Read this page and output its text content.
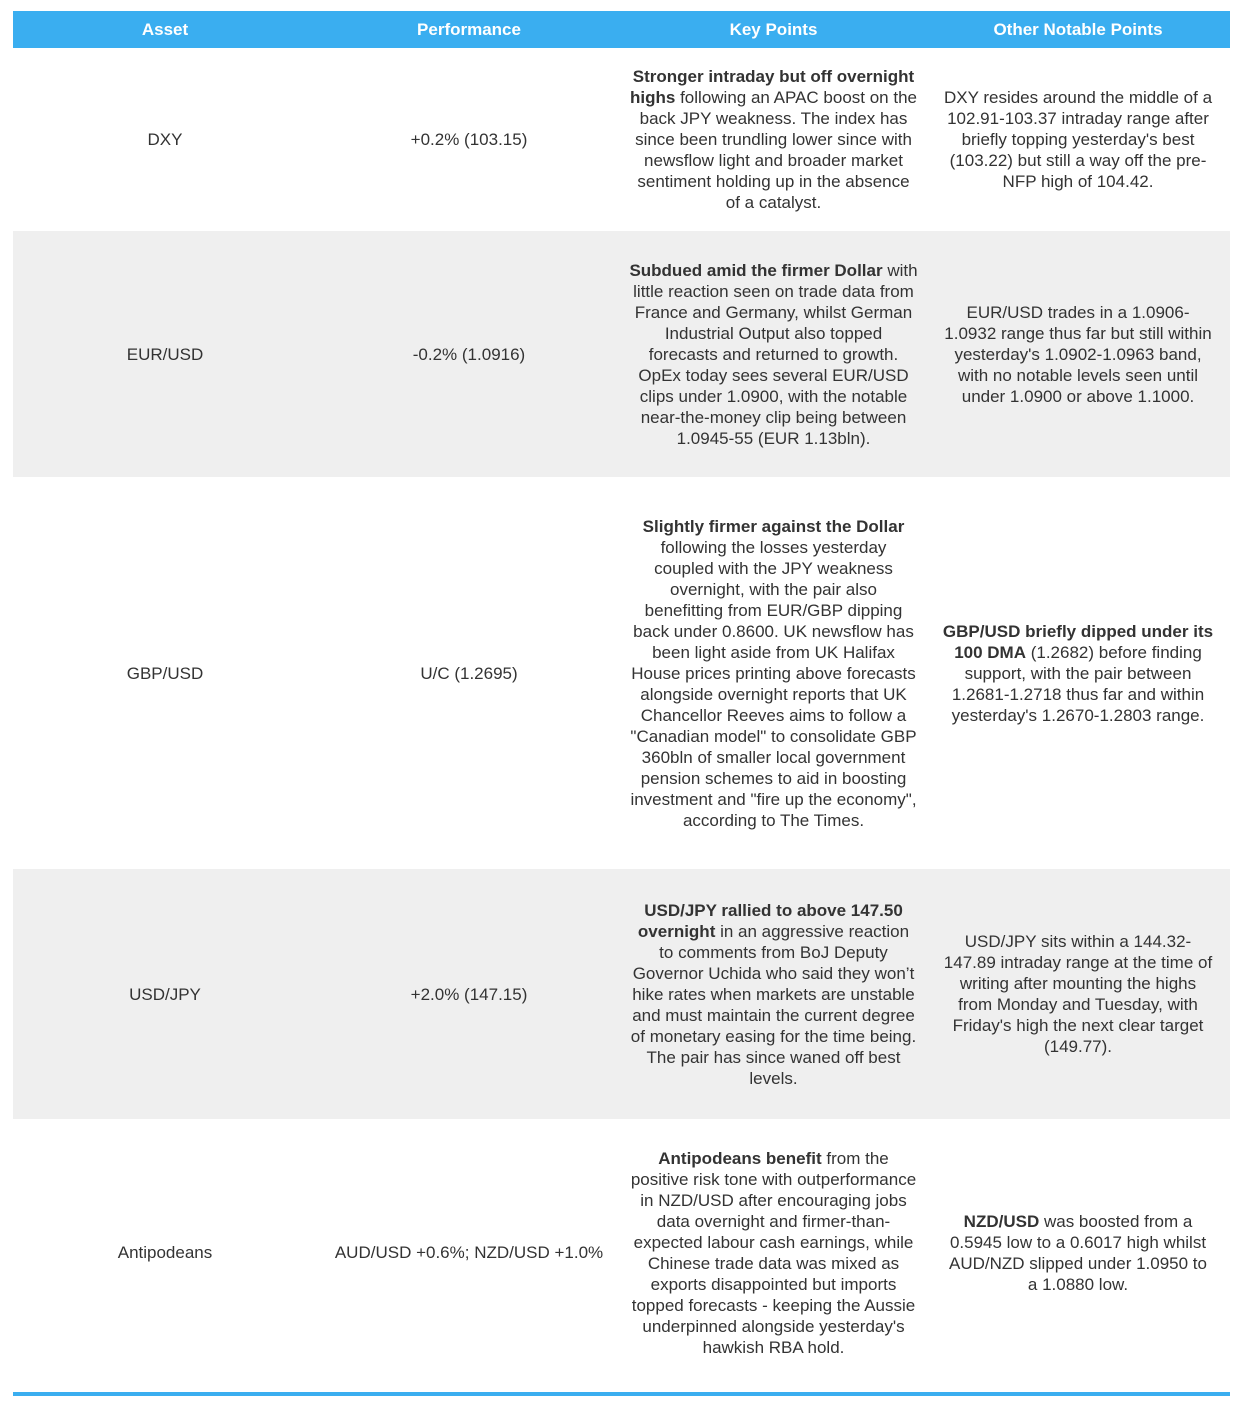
Asset	Performance	Key Points	Other Notable Points
DXY	+0.2% (103.15)	Stronger intraday but off overnight highs following an APAC boost on the back JPY weakness. The index has since been trundling lower since with newsflow light and broader market sentiment holding up in the absence of a catalyst.	DXY resides around the middle of a 102.91-103.37 intraday range after briefly topping yesterday's best (103.22) but still a way off the pre-NFP high of 104.42.
EUR/USD	-0.2% (1.0916)	Subdued amid the firmer Dollar with little reaction seen on trade data from France and Germany, whilst German Industrial Output also topped forecasts and returned to growth. OpEx today sees several EUR/USD clips under 1.0900, with the notable near-the-money clip being between 1.0945-55 (EUR 1.13bln).	EUR/USD trades in a 1.0906-1.0932 range thus far but still within yesterday's 1.0902-1.0963 band, with no notable levels seen until under 1.0900 or above 1.1000.
GBP/USD	U/C (1.2695)	Slightly firmer against the Dollar following the losses yesterday coupled with the JPY weakness overnight, with the pair also benefitting from EUR/GBP dipping back under 0.8600. UK newsflow has been light aside from UK Halifax House prices printing above forecasts alongside overnight reports that UK Chancellor Reeves aims to follow a "Canadian model" to consolidate GBP 360bln of smaller local government pension schemes to aid in boosting investment and "fire up the economy", according to The Times.	GBP/USD briefly dipped under its 100 DMA (1.2682) before finding support, with the pair between 1.2681-1.2718 thus far and within yesterday's 1.2670-1.2803 range.
USD/JPY	+2.0% (147.15)	USD/JPY rallied to above 147.50 overnight in an aggressive reaction to comments from BoJ Deputy Governor Uchida who said they won’t hike rates when markets are unstable and must maintain the current degree of monetary easing for the time being. The pair has since waned off best levels.	USD/JPY sits within a 144.32-147.89 intraday range at the time of writing after mounting the highs from Monday and Tuesday, with Friday's high the next clear target (149.77).
Antipodeans	AUD/USD +0.6%; NZD/USD +1.0%	Antipodeans benefit from the positive risk tone with outperformance in NZD/USD after encouraging jobs data overnight and firmer-than-expected labour cash earnings, while Chinese trade data was mixed as exports disappointed but imports topped forecasts - keeping the Aussie underpinned alongside yesterday's hawkish RBA hold.	NZD/USD was boosted from a 0.5945 low to a 0.6017 high whilst AUD/NZD slipped under 1.0950 to a 1.0880 low.
